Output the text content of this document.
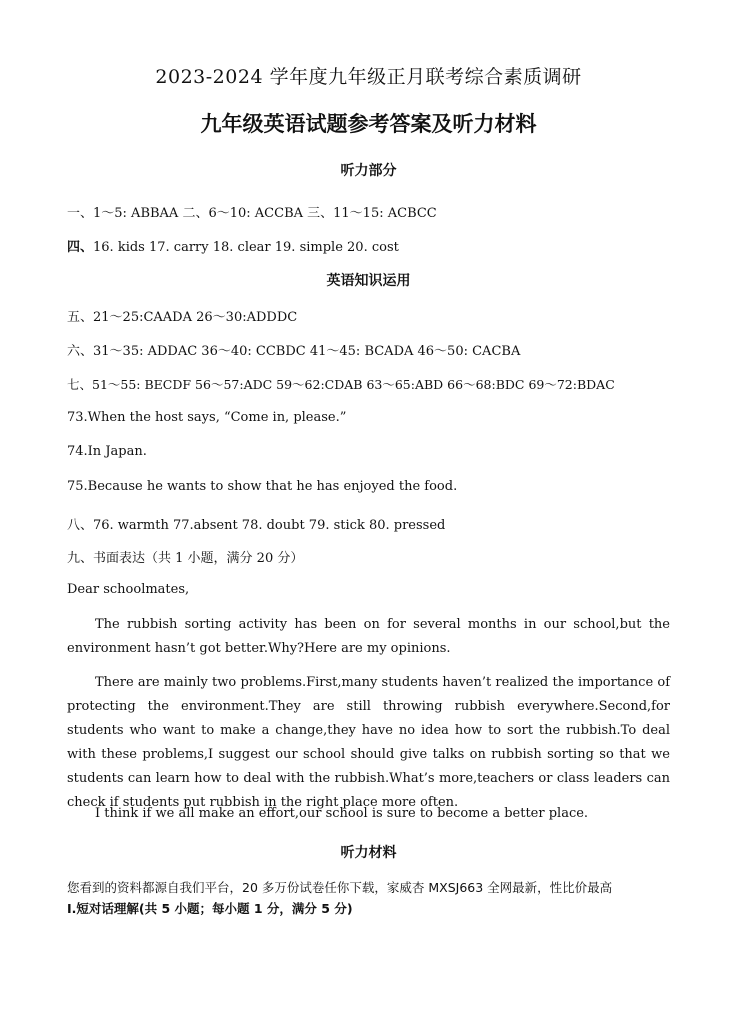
2023-2024 学年度九年级正月联考综合素质调研
九年级英语试题参考答案及听力材料
听力部分
一、1～5: ABBAA 二、6～10: ACCBA 三、11～15: ACBCC
四、16. kids 17. carry 18. clear 19. simple 20. cost
英语知识运用
五、21～25:CAADA 26～30:ADDDC
六、31～35: ADDAC 36～40: CCBDC 41～45: BCADA 46～50: CACBA
七、51～55: BECDF 56～57:ADC 59～62:CDAB 63～65:ABD 66～68:BDC 69～72:BDAC
73.When the host says, “Come in, please.”
74.In Japan.
75.Because he wants to show that he has enjoyed the food.
八、76. warmth 77.absent 78. doubt 79. stick 80. pressed
九、书面表达（共 1 小题，满分 20 分）
Dear schoolmates,
The rubbish sorting activity has been on for several months in our school,but the environment hasn’t got better.Why?Here are my opinions.
There are mainly two problems.First,many students haven’t realized the importance of protecting the environment.They are still throwing rubbish everywhere.Second,for students who want to make a change,they have no idea how to sort the rubbish.To deal with these problems,I suggest our school should give talks on rubbish sorting so that we students can learn how to deal with the rubbish.What’s more,teachers or class leaders can check if students put rubbish in the right place more often.
I think if we all make an effort,our school is sure to become a better place.
听力材料
您看到的资料都源自我们平台，20 多万份试卷任你下载，家威杏 MXSJ663 全网最新，性比价最高
Ⅰ.短对话理解(共 5 小题；每小题 1 分，满分 5 分)
